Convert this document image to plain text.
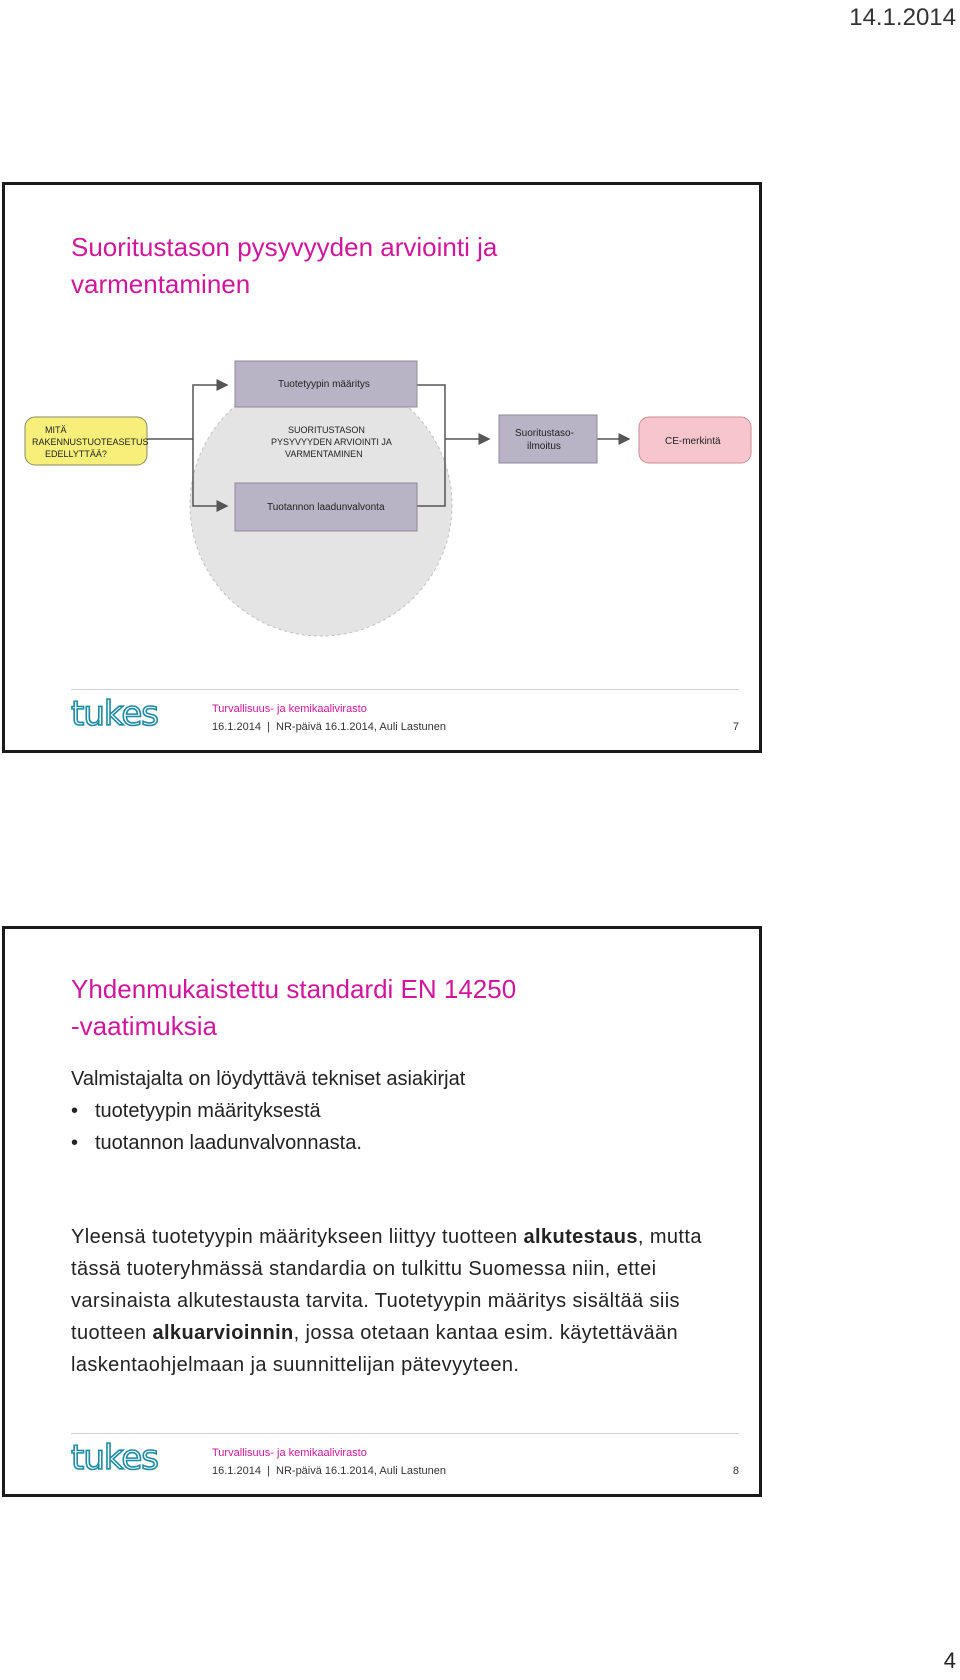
14.1.2014
Suoritustason pysyvyyden arviointi ja
varmentaminen
MITÄ
RAKENNUSTUOTEASETUS
EDELLYTTÄÄ?
Tuotetyypin määritys
SUORITUSTASON
PYSYVYYDEN ARVIOINTI JA
VARMENTAMINEN
Tuotannon laadunvalvonta
Suoritustaso-
ilmoitus	CE-merkintä
tukes	Turvallisuus- ja kemikaalivirasto
16.1.2014  |  NR-päivä 16.1.2014, Auli Lastunen	7
Yhdenmukaistettu standardi EN 14250
-vaatimuksia

Valmistajalta on löydyttävä tekniset asiakirjat

• tuotetyypin määrityksestä
• tuotannon laadunvalvonnasta.

Yleensä tuotetyypin määritykseen liittyy tuotteen alkutestaus, mutta tässä tuoteryhmässä standardia on tulkittu Suomessa niin, ettei varsinaista alkutestausta tarvita. Tuotetyypin määritys sisältää siis tuotteen alkuarvioinnin, jossa otetaan kantaa esim. käytettävään laskentaohjelmaan ja suunnittelijan pätevyyteen.

tukes	Turvallisuus- ja kemikaalivirasto
16.1.2014  |  NR-päivä 16.1.2014, Auli Lastunen	8
4
